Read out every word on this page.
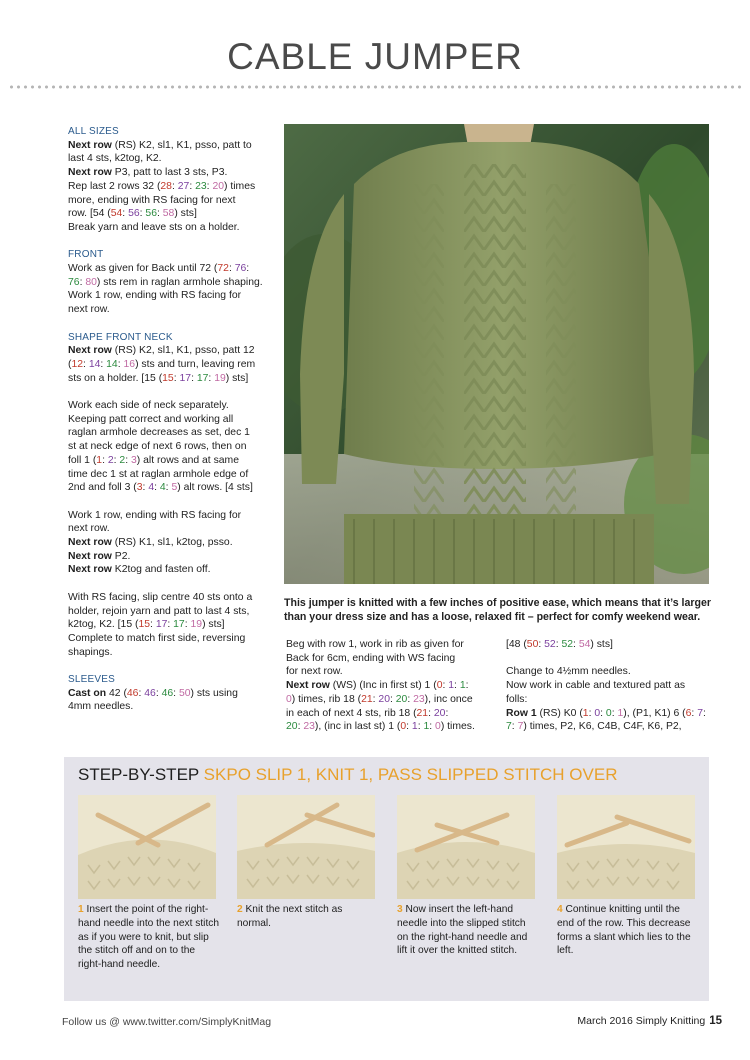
CABLE JUMPER

ALL SIZES

Next row (RS) K2, sl1, K1, psso, patt to

last 4 sts, k2tog, K2.

Next row P3, patt to last 3 sts, P3.

Rep last 2 rows 32 (28: 27: 23: 20) times

more, ending with RS facing for next

row. [54 (54: 56: 56: 58) sts]

Break yarn and leave sts on a holder.

FRONT

Work as given for Back until 72 (72: 76:

76: 80) sts rem in raglan armhole shaping.

Work 1 row, ending with RS facing for

next row.

SHAPE FRONT NECK

Next row (RS) K2, sl1, K1, psso, patt 12

(12: 14: 14: 16) sts and turn, leaving rem

sts on a holder. [15 (15: 17: 17: 19) sts]

Work each side of neck separately.

Keeping patt correct and working all

raglan armhole decreases as set, dec 1

st at neck edge of next 6 rows, then on

foll 1 (1: 2: 2: 3) alt rows and at same

time dec 1 st at raglan armhole edge of

2nd and foll 3 (3: 4: 4: 5) alt rows. [4 sts]

Work 1 row, ending with RS facing for

next row.

Next row (RS) K1, sl1, k2tog, psso.

Next row P2.

Next row K2tog and fasten off.

With RS facing, slip centre 40 sts onto a

holder, rejoin yarn and patt to last 4 sts,

k2tog, K2. [15 (15: 17: 17: 19) sts]

Complete to match first side, reversing

shapings.

SLEEVES

Cast on 42 (46: 46: 46: 50) sts using

4mm needles.

This jumper is knitted with a few inches of positive ease, which means that it’s larger than your dress size and has a loose, relaxed fit – perfect for comfy weekend wear.

Beg with row 1, work in rib as given for

Back for 6cm, ending with WS facing

for next row.

Next row (WS) (Inc in first st) 1 (0: 1: 1:

0) times, rib 18 (21: 20: 20: 23), inc once

in each of next 4 sts, rib 18 (21: 20:

20: 23), (inc in last st) 1 (0: 1: 1: 0) times.

[48 (50: 52: 52: 54) sts]

Change to 4½mm needles.

Now work in cable and textured patt as

folls:

Row 1 (RS) K0 (1: 0: 0: 1), (P1, K1) 6 (6: 7:

7: 7) times, P2, K6, C4B, C4F, K6, P2,

STEP-BY-STEP SKPO SLIP 1, KNIT 1, PASS SLIPPED STITCH OVER
1 Insert the point of the right-hand needle into the next stitch as if you were to knit, but slip the stitch off and on to the right-hand needle.
2 Knit the next stitch as normal.
3 Now insert the left-hand needle into the slipped stitch on the right-hand needle and lift it over the knitted stitch.
4 Continue knitting until the end of the row. This decrease forms a slant which lies to the left.
Follow us @ www.twitter.com/SimplyKnitMag	March 2016 Simply Knitting 15
